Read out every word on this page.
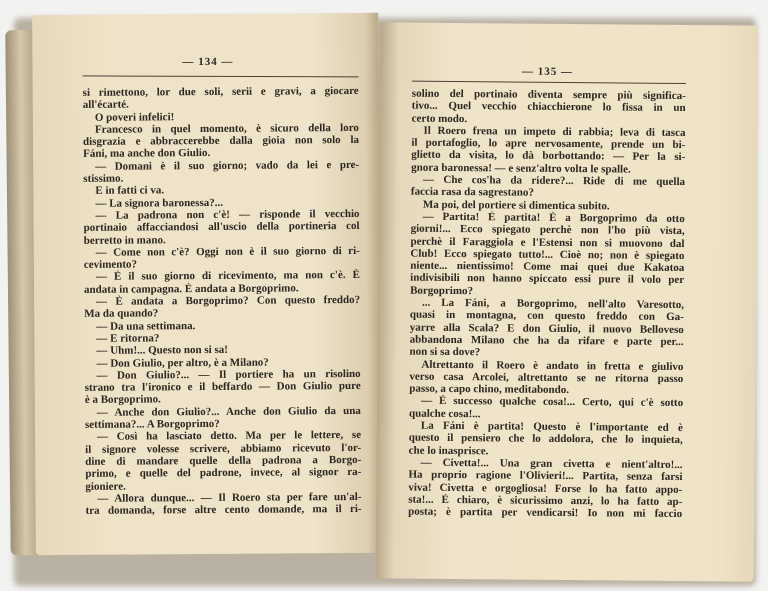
— 134 —
si rimettono, lor due soli, serii e gravi, a giocare
all'écarté.
O poveri infelici!
Francesco in quel momento, è sicuro della loro
disgrazia e abbraccerebbe dalla gioia non solo la
Fáni, ma anche don Giulio.
— Domani è il suo giorno; vado da lei e pre-
stissimo.
E in fatti ci va.
— La signora baronessa?...
— La padrona non c'è! — risponde il vecchio
portinaio affacciandosi all'uscio della portineria col
berretto in mano.
— Come non c'è? Oggi non è il suo giorno di ri-
cevimento?
— È il suo giorno di ricevimento, ma non c'è. È
andata in campagna. È andata a Borgoprimo.
— È andata a Borgoprimo? Con questo freddo?
Ma da quando?
— Da una settimana.
— E ritorna?
— Uhm!... Questo non si sa!
— Don Giulio, per altro, è a Milano?
— Don Giulio?... — Il portiere ha un risolino
strano tra l'ironico e il beffardo — Don Giulio pure
è a Borgoprimo.
— Anche don Giulio?... Anche don Giulio da una
settimana?... A Borgoprimo?
— Così ha lasciato detto. Ma per le lettere, se
il signore volesse scrivere, abbiamo ricevuto l'or-
dine di mandare quelle della padrona a Borgo-
primo, e quelle del padrone, invece, al signor ra-
gioniere.
— Allora dunque... — Il Roero sta per fare un'al-
tra domanda, forse altre cento domande, ma il ri-
— 135 —
solino del portinaio diventa sempre più significa-
tivo... Quel vecchio chiacchierone lo fissa in un
certo modo.
Il Roero frena un impeto di rabbia; leva di tasca
il portafoglio, lo apre nervosamente, prende un bi-
glietto da visita, lo dà borbottando: — Per la si-
gnora baronessa! — e senz'altro volta le spalle.
— Che cos'ha da ridere?... Ride di me quella
faccia rasa da sagrestano?
Ma poi, del portiere si dimentica subito.
— Partita! È partita! È a Borgoprimo da otto
giorni!... Ecco spiegato perchè non l'ho più vista,
perchè il Faraggiola e l'Estensi non si muovono dal
Club! Ecco spiegato tutto!... Cioè no; non è spiegato
niente... nientissimo! Come mai quei due Kakatoa
indivisibili non hanno spiccato essi pure il volo per
Borgoprimo?
... La Fáni, a Borgoprimo, nell'alto Varesotto,
quasi in montagna, con questo freddo con Ga-
yarre alla Scala? E don Giulio, il nuovo Belloveso
abbandona Milano che ha da rifare e parte per...
non si sa dove?
Altrettanto il Roero è andato in fretta e giulivo
verso casa Arcolei, altrettanto se ne ritorna passo
passo, a capo chino, meditabondo.
— È successo qualche cosa!... Certo, qui c'è sotto
qualche cosa!...
La Fáni è partita! Questo è l'importante ed è
questo il pensiero che lo addolora, che lo inquieta,
che lo inasprisce.
— Civetta!... Una gran civetta e nient'altro!...
Ha proprio ragione l'Olivieri!... Partita, senza farsi
viva! Civetta e orgogliosa! Forse lo ha fatto appo-
sta!... È chiaro, è sicurissimo anzi, lo ha fatto ap-
posta; è partita per vendicarsi! Io non mi faccio
